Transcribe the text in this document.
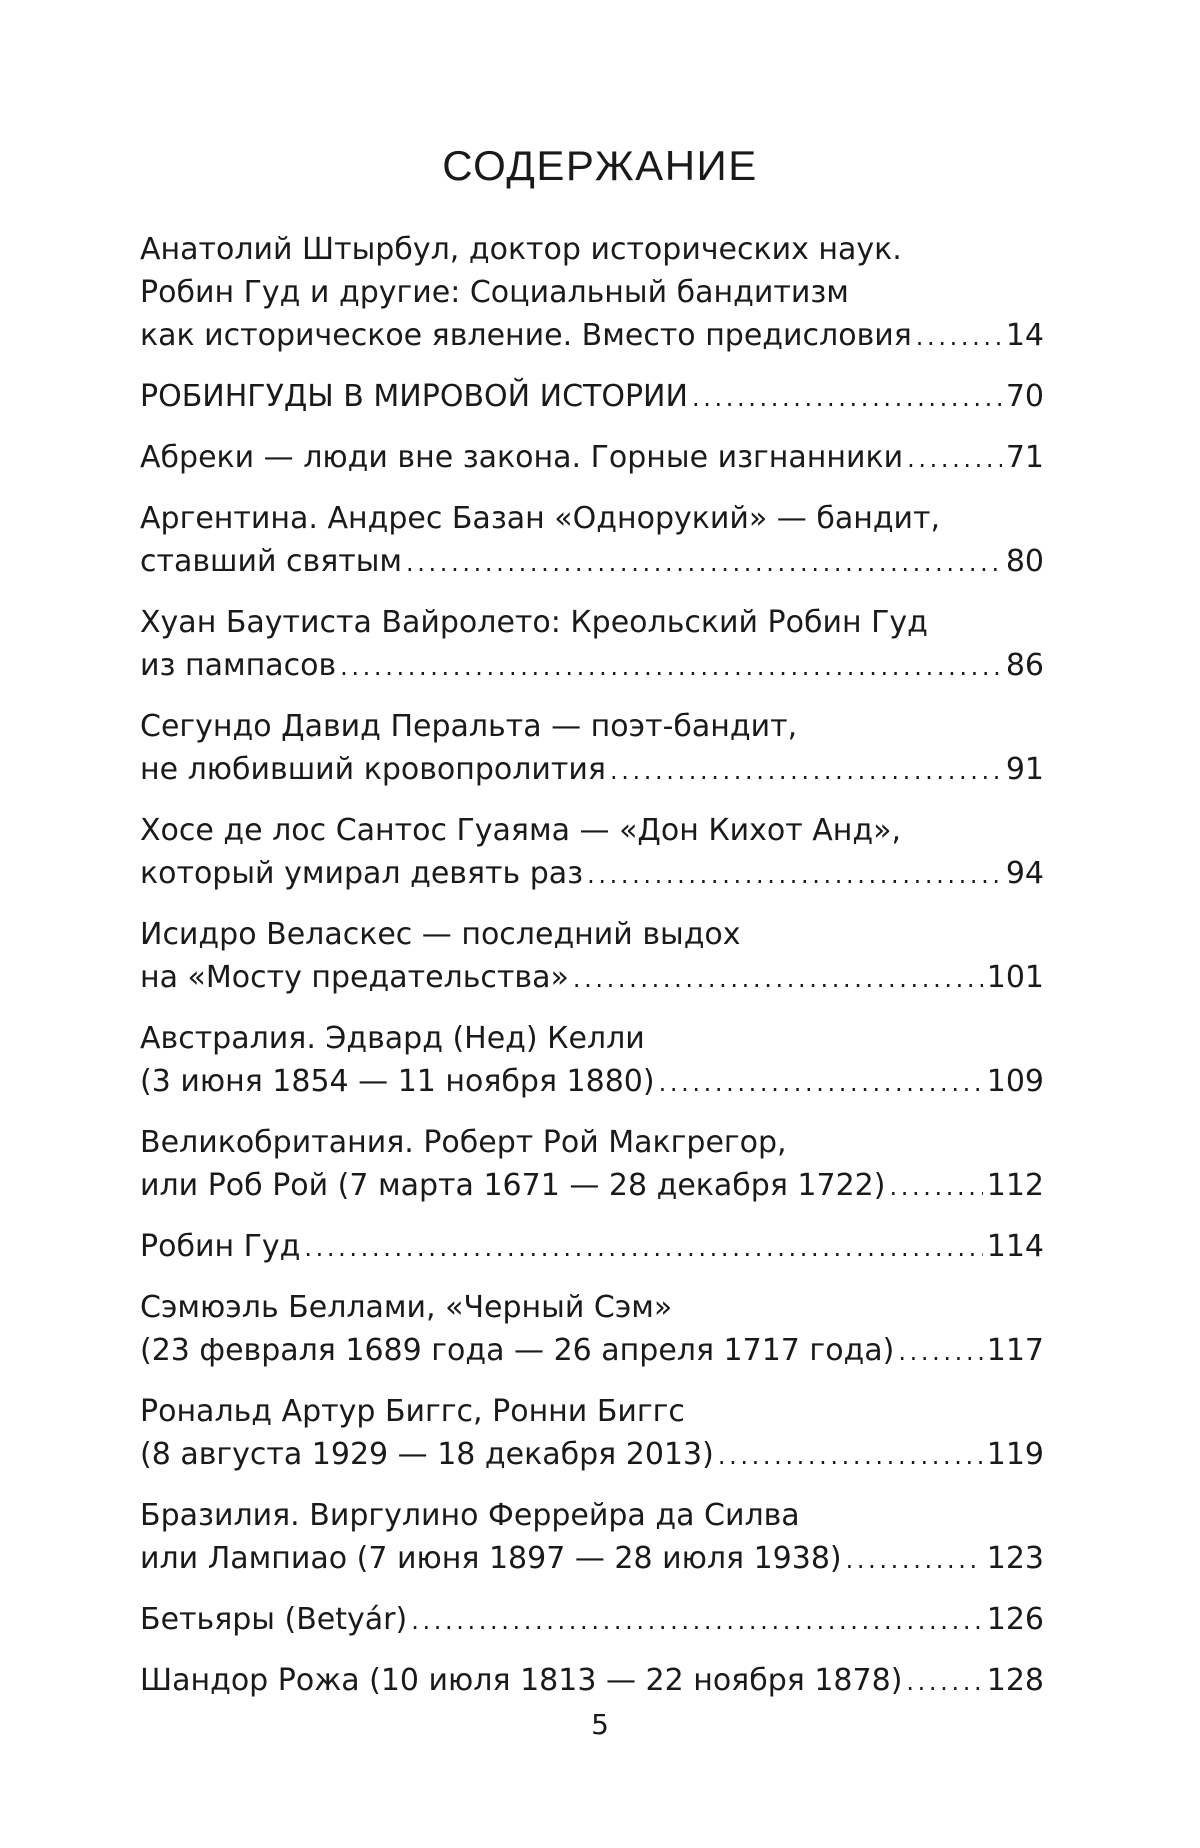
СОДЕРЖАНИЕ
Анатолий Штырбул, доктор исторических наук.
Робин Гуд и другие: Социальный бандитизм
как историческое явление. Вместо предисловия . . .	14
РОБИНГУДЫ В МИРОВОЙ ИСТОРИИ . . .	70
Абреки — люди вне закона. Горные изгнанники . . .	71
Аргентина. Андрес Базан «Однорукий» — бандит,
ставший святым . . .	80
Хуан Баутиста Вайролето: Креольский Робин Гуд
из пампасов . . .	86
Сегундо Давид Перальта — поэт-бандит,
не любивший кровопролития . . .	91
Хосе де лос Сантос Гуаяма — «Дон Кихот Анд»,
который умирал девять раз . . .	94
Исидро Веласкес — последний выдох
на «Мосту предательства» . . .	101
Австралия. Эдвард (Нед) Келли
(3 июня 1854 — 11 ноября 1880) . . .	109
Великобритания. Роберт Рой Макгрегор,
или Роб Рой (7 марта 1671 — 28 декабря 1722) . . .	112
Робин Гуд . . .	114
Сэмюэль Беллами, «Черный Сэм»
(23 февраля 1689 года — 26 апреля 1717 года) . . .	117
Рональд Артур Биггс, Ронни Биггс
(8 августа 1929 — 18 декабря 2013) . . .	119
Бразилия. Виргулино Феррейра да Силва
или Лампиао (7 июня 1897 — 28 июля 1938) . . .	123
Бетьяры (Betyár) . . .	126
Шандор Рожа (10 июля 1813 — 22 ноября 1878) . . .	128
5
